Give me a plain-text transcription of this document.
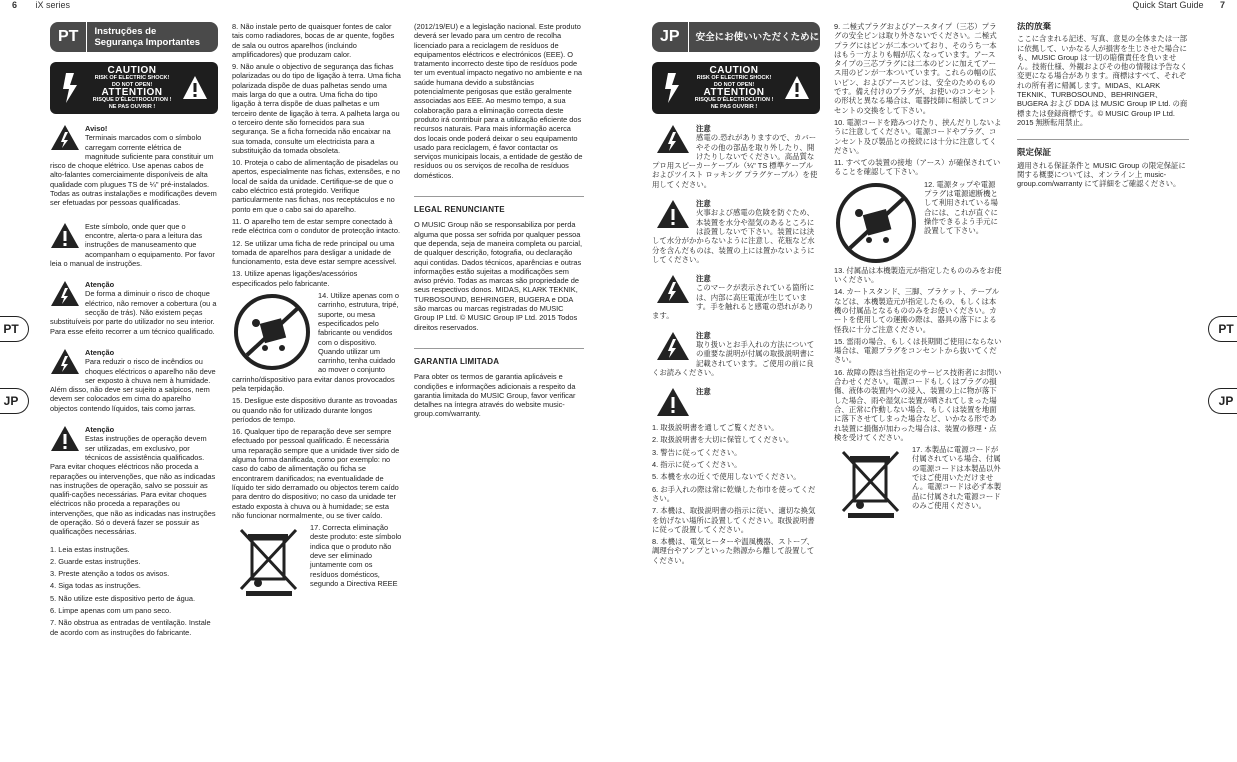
6 iX series	Quick Start Guide 7
PT
JP
PT
JP
PT	Instruções de
Segurança Importantes
CAUTION
RISK OF ELECTRIC SHOCK!
DO NOT OPEN!
ATTENTION
RISQUE D'ÉLECTROCUTION !
NE PAS OUVRIR !
Aviso!
Terminais marcados com o símbolo carregam corrente elétrica de magnitude suficiente para constituir um risco de choque elétrico. Use apenas cabos de alto-falantes comerciaimente disponíveis de alta qualidade com plugues TS de ¼" pré-instalados. Todas as outras instalações e modificações devem ser efetuadas por pessoas qualificadas.
Este símbolo, onde quer que o encontre, alerta-o para a leitura das instruções de manuseamento que acompanham o equipamento. Por favor leia o manual de instruções.
Atenção
De forma a diminuir o risco de choque eléctrico, não remover a cobertura (ou a secção de trás). Não existem peças substituíveis por parte do utilizador no seu interior. Para esse efeito recorrer a um técnico qualificado.
Atenção
Para reduzir o risco de incêndios ou choques eléctricos o aparelho não deve ser exposto à chuva nem à humidade. Além disso, não deve ser sujeito a salpicos, nem devem ser colocados em cima do aparelho objectos contendo líquidos, tais como jarras.
Atenção
Estas instruções de operação devem ser utilizadas, em exclusivo, por técnicos de assistência qualificados. Para evitar choques eléctricos não proceda a reparações ou intervenções, que não as indicadas nas instruções de operação, salvo se possuir as qualifi-cações necessárias. Para evitar choques eléctricos não proceda a reparações ou intervenções, que não as indicadas nas instruções de operação. Só o deverá fazer se possuir as qualificações necessárias.
1. Leia estas instruções.
2. Guarde estas instruções.
3. Preste atenção a todos os avisos.
4. Siga todas as instruções.
5. Não utilize este dispositivo perto de água.
6. Limpe apenas com um pano seco.
7. Não obstrua as entradas de ventilação. Instale de acordo com as instruções do fabricante.
8. Não instale perto de quaisquer fontes de calor tais como radiadores, bocas de ar quente, fogões de sala ou outros aparelhos (incluindo amplificadores) que produzam calor.
9. Não anule o objectivo de segurança das fichas polarizadas ou do tipo de ligação à terra. Uma ficha polarizada dispõe de duas palhetas sendo uma mais larga do que a outra. Uma ficha do tipo ligação à terra dispõe de duas palhetas e um terceiro dente de ligação à terra. A palheta larga ou o terceiro dente são fornecidos para sua segurança. Se a ficha fornecida não encaixar na sua tomada, consulte um electricista para a substituição da tomada obsoleta.
10. Proteja o cabo de alimentação de pisadelas ou apertos, especialmente nas fichas, extensões, e no local de saída da unidade. Certifique-se de que o cabo eléctrico está protegido. Verifique particularmente nas fichas, nos receptáculos e no ponto em que o cabo sai do aparelho.
11. O aparelho tem de estar sempre conectado à rede eléctrica com o condutor de protecção intacto.
12. Se utilizar uma ficha de rede principal ou uma tomada de aparelhos para desligar a unidade de funcionamento, esta deve estar sempre acessível.
13. Utilize apenas ligações/acessórios especificados pelo fabricante.
14. Utilize apenas com o carrinho, estrutura, tripé, suporte, ou mesa especificados pelo fabricante ou vendidos com o dispositivo. Quando utilizar um carrinho, tenha cuidado ao mover o conjunto carrinho/dispositivo para evitar danos provocados pela terpidação.
15. Desligue este dispositivo durante as trovoadas ou quando não for utilizado durante longos períodos de tempo.
16. Qualquer tipo de reparação deve ser sempre efectuado por pessoal qualificado. É necessária uma reparação sempre que a unidade tiver sido de alguma forma danificada, como por exemplo: no caso do cabo de alimentação ou ficha se encontrarem danificados; na eventualidade de líquido ter sido derramado ou objectos terem caído para dentro do dispositivo; no caso da unidade ter estado exposta à chuva ou à humidade; se esta não funcionar normalmente, ou se tiver caído.
17. Correcta eliminação deste produto: este símbolo indica que o produto não deve ser eliminado juntamente com os resíduos domésticos, segundo a Directiva REEE
(2012/19/EU) e a legislação nacional. Este produto deverá ser levado para um centro de recolha licenciado para a reciclagem de resíduos de equipamentos eléctricos e electrónicos (EEE). O tratamento incorrecto deste tipo de resíduos pode ter um eventual impacto negativo no ambiente e na saúde humana devido a substâncias potencialmente perigosas que estão geralmente associadas aos EEE. Ao mesmo tempo, a sua colaboração para a eliminação correcta deste produto irá contribuir para a utilização eficiente dos recursos naturais. Para mais informação acerca dos locais onde poderá deixar o seu equipamento usado para reciclagem, é favor contactar os serviços municipais locais, a entidade de gestão de resíduos ou os serviços de recolha de resíduos domésticos.
LEGAL RENUNCIANTE
O MUSIC Group não se responsabiliza por perda alguma que possa ser sofrida por qualquer pessoa que dependa, seja de maneira completa ou parcial, de qualquer descrição, fotografia, ou declaração aqui contidas. Dados técnicos, aparências e outras informações estão sujeitas a modificações sem aviso prévio. Todas as marcas são propriedade de seus respectivos donos. MIDAS, KLARK TEKNIK, TURBOSOUND, BEHRINGER, BUGERA e DDA são marcas ou marcas registradas do MUSIC Group IP Ltd. © MUSIC Group IP Ltd. 2015 Todos direitos reservados.
GARANTIA LIMITADA
Para obter os termos de garantia aplicáveis e condições e informações adicionais a respeito da garantia limitada do MUSIC Group, favor verificar detalhes na íntegra através do website music-group.com/warranty.
JP	安全にお使いいただくために
CAUTION
RISK OF ELECTRIC SHOCK!
DO NOT OPEN!
ATTENTION
RISQUE D'ÉLECTROCUTION !
NE PAS OUVRIR !
注意
感電の.恐れがありますので、カバーやその他の部品を取り外したり、開けたりしないでください。高品質なプロ用スピーカーケーブル（¼" TS 標準ケーブルおよびツイスト ロッキング プラグケーブル）を使用してください。
注意
火事および感電の危険を防ぐため、本装置を水分や湿気のあるところには設置しないで下さい。装置には決して水分がかからないように注意し、花瓶など水分を含んだものは、装置の上には置かないようにしてください。
注意
このマークが表示されている箇所には、内部に高圧電流が生じています。手を触れると感電の恐れがあります。
注意
取り扱いとお手入れの方法についての重要な説明が付属の取扱説明書に記載されています。ご使用の前に良くお読みください。
注意
1. 取扱説明書を通してご覧ください。
2. 取扱説明書を大切に保管してください。
3. 警告に従ってください。
4. 指示に従ってください。
5. 本機を水の近くで使用しないでください。
6. お手入れの際は常に乾燥した布巾を使ってください。
7. 本機は、取扱説明書の指示に従い、適切な換気を妨げない場所に設置してください。取扱説明書に従って設置してください。
8. 本機は、電気ヒーターや温風機器、ストーブ、調理台やアンプといった熱源から離して設置してください。
9. 二極式プラグおよびアースタイプ（三芯）プラグの安全ピンは取り外さないでください。二極式プラグにはピンが二本ついており、そのうち一本はもう一方よりも幅が広くなっています。アースタイプの三芯プラグには二本のピンに加えてアース用のピンが一本ついています。これらの幅の広いピン、およびアースピンは、安全のためのものです。備え付けのプラグが、お使いのコンセントの形状と異なる場合は、電器技師に相談してコンセントの交換をして下さい。
10. 電源コードを踏みつけたり、挟んだりしないように注意してください。電源コードやプラグ、コンセント及び製品との接続には十分に注意してください。
11. すべての装置の接地（アース）が確保されていることを確認して下さい。
12. 電源タップや電源プラグは電源遮断機として利用されている場合には、これが直ぐに操作できるよう手元に設置して下さい。
13. 付属品は本機製造元が指定したもののみをお使いください。
14. カートスタンド、三脚、ブラケット、テーブルなどは、本機製造元が指定したもの、もしくは本機の付属品となるもののみをお使いください。カートを使用しての運搬の際は、器具の落下による怪我に十分ご注意ください。
15. 雷雨の場合、もしくは長期間ご使用にならない場合は、電源プラグをコンセントから抜いてください。
16. 故障の際は当社指定のサービス技術者にお問い合わせください。電源コードもしくはプラグの損傷、液体の装置内への浸入、装置の上に物が落下した場合、雨や湿気に装置が晒されてしまった場合、正常に作動しない場合、もしくは装置を地面に落下させてしまった場合など、いかなる形であれ装置に損傷が加わった場合は、装置の修理・点検を受けてください。
17. 本製品に電源コードが付属されている場合、付属の電源コードは本製品以外ではご使用いただけません。電源コードは必ず本製品に付属された電源コードのみご使用ください。
法的放棄
ここに含まれる記述、写真、意見の全体または一部に依拠して、いかなる人が損害を生じさせた場合にも、MUSIC Group は一切の賠償責任を負いません。技術仕様、外観およびその他の情報は予告なく変更になる場合があります。商標はすべて、それぞれの所有者に帰属します。MIDAS、KLARK TEKNIK、TURBOSOUND、BEHRINGER、BUGERA および DDA は MUSIC Group IP Ltd. の商標または登録商標です。© MUSIC Group IP Ltd. 2015 無断転用禁止。
限定保証
適用される保証条件と MUSIC Group の限定保証に関する概要については、オンライン上 music-group.com/warranty にて詳細をご確認ください。
